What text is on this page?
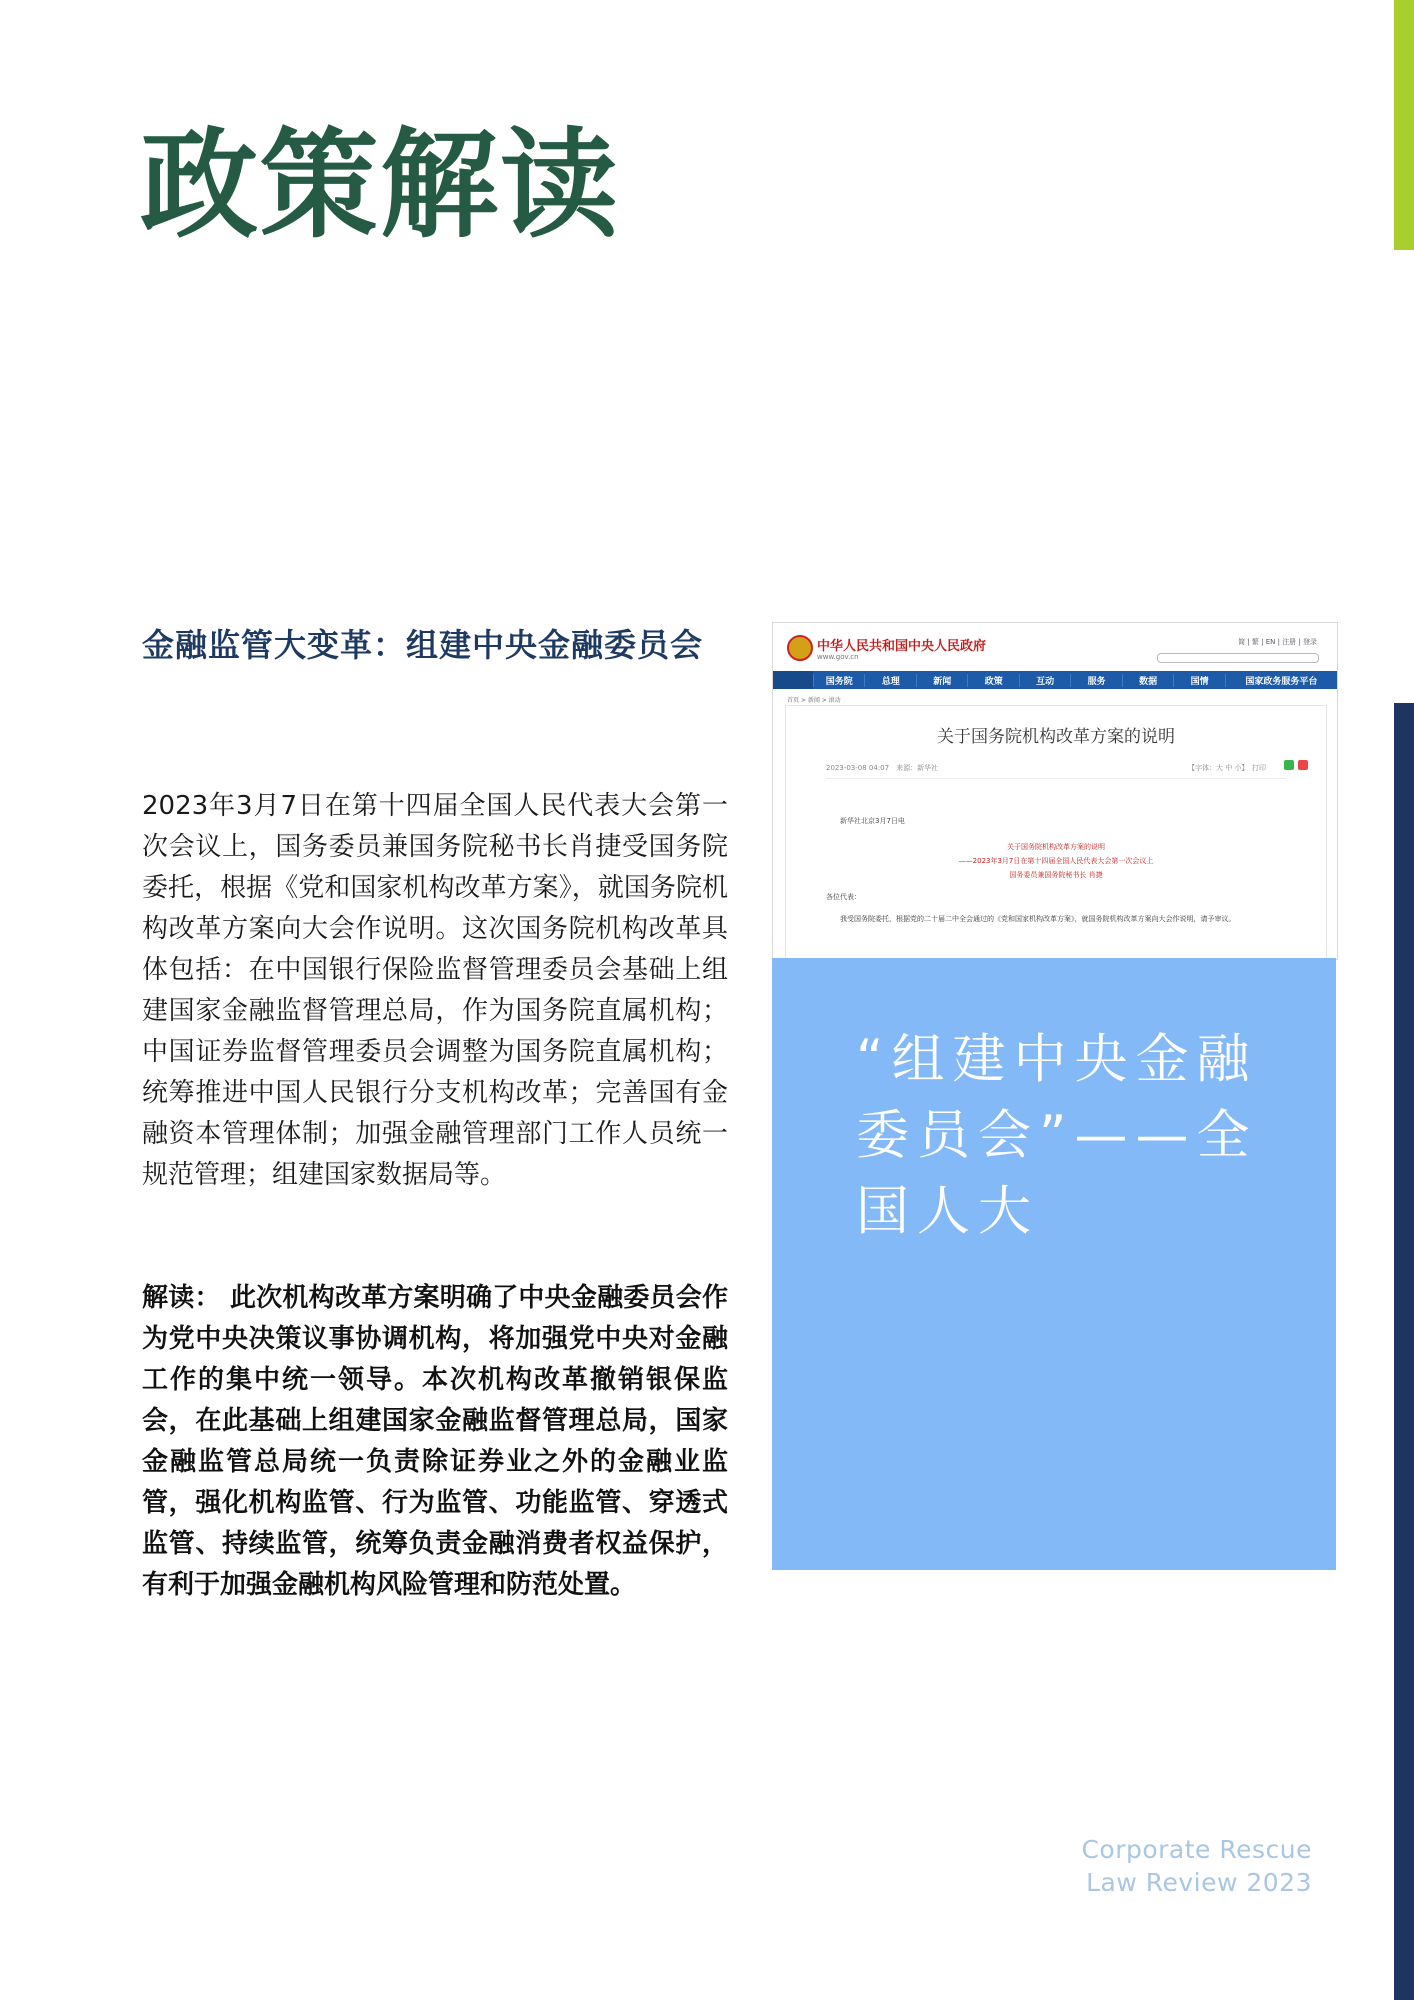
政策解读
金融监管大变革：组建中央金融委员会

2023年3月7日在第十四届全国人民代表大会第一次会议上，国务委员兼国务院秘书长肖捷受国务院委托，根据《党和国家机构改革方案》，就国务院机构改革方案向大会作说明。这次国务院机构改革具体包括：在中国银行保险监督管理委员会基础上组建国家金融监督管理总局，作为国务院直属机构；中国证券监督管理委员会调整为国务院直属机构；统筹推进中国人民银行分支机构改革；完善国有金融资本管理体制；加强金融管理部门工作人员统一规范管理；组建国家数据局等。

解读： 此次机构改革方案明确了中央金融委员会作为党中央决策议事协调机构，将加强党中央对金融工作的集中统一领导。本次机构改革撤销银保监会，在此基础上组建国家金融监督管理总局，国家金融监管总局统一负责除证券业之外的金融业监管，强化机构监管、行为监管、功能监管、穿透式监管、持续监管，统筹负责金融消费者权益保护，有利于加强金融机构风险管理和防范处置。

中华人民共和国中央人民政府
www.gov.cn
简 | 繁 | EN | 注册 | 登录
国务院	总理	新闻	政策	互动	服务	数据	国情	国家政务服务平台
首页 > 新闻 > 滚动
关于国务院机构改革方案的说明
2023-03-08 04:07　来源：新华社	【字体：大 中 小】　打印
新华社北京3月7日电
关于国务院机构改革方案的说明
——2023年3月7日在第十四届全国人民代表大会第一次会议上
国务委员兼国务院秘书长 肖捷
各位代表：
我受国务院委托，根据党的二十届二中全会通过的《党和国家机构改革方案》，就国务院机构改革方案向大会作说明，请予审议。

“组建中央金融委员会”——全国人大

Corporate Rescue
Law Review 2023
